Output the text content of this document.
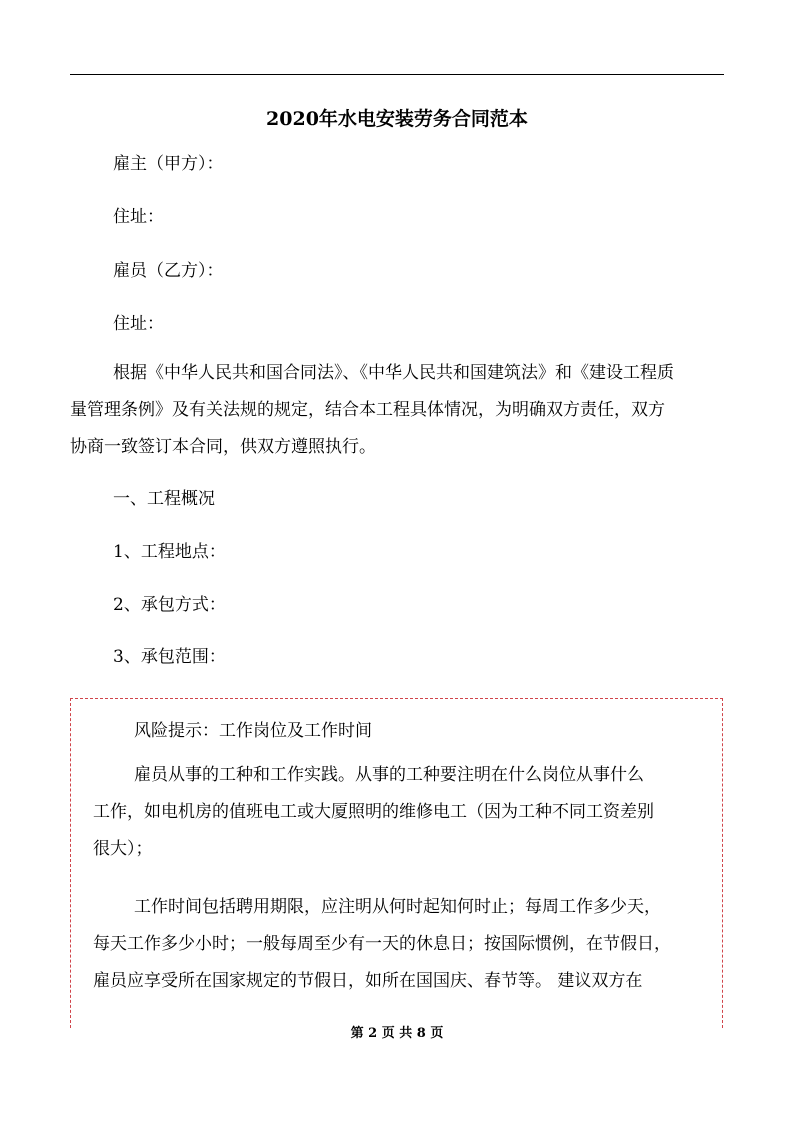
2020年水电安装劳务合同范本
雇主（甲方）：
住址：
雇员（乙方）：
住址：
根据《中华人民共和国合同法》、《中华人民共和国建筑法》和《建设工程质
量管理条例》及有关法规的规定，结合本工程具体情况，为明确双方责任，双方
协商一致签订本合同，供双方遵照执行。
一、工程概况
1、工程地点：
2、承包方式：
3、承包范围：
风险提示：工作岗位及工作时间
雇员从事的工种和工作实践。从事的工种要注明在什么岗位从事什么
工作，如电机房的值班电工或大厦照明的维修电工（因为工种不同工资差别
很大）；
工作时间包括聘用期限，应注明从何时起知何时止；每周工作多少天，
每天工作多少小时；一般每周至少有一天的休息日；按国际惯例，在节假日，
雇员应享受所在国家规定的节假日，如所在国国庆、春节等。 建议双方在
第 2 页 共 8 页
